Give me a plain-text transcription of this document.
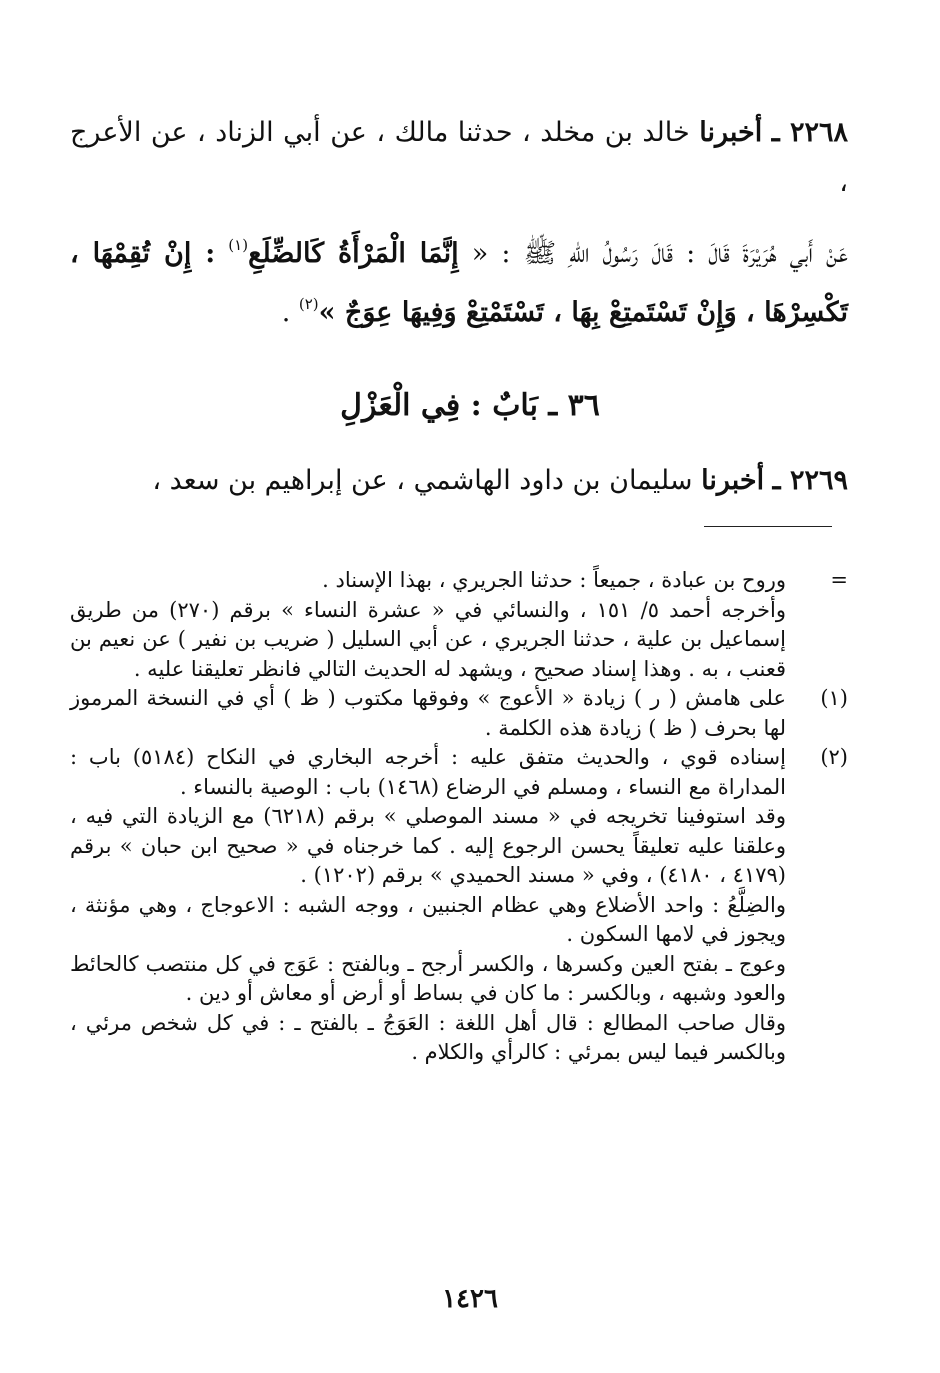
٢٢٦٨ ـ أخبرنا خالد بن مخلد ، حدثنا مالك ، عن أبي الزناد ، عن الأعرج ،

عَنْ أَبي هُرَيْرَةَ قَالَ : قَالَ رَسُولُ اللهِ ﷺ : « إِنَّمَا الْمَرْأَةُ كَالضِّلَعِ$^{(١)}$ : إِنْ تُقِمْهَا ، تَكْسِرْهَا ، وَإِنْ تَسْتَمتِعْ بِهَا ، تَسْتَمْتِعْ وَفِيهَا عِوَجٌ »$^{(٢)}$ .

٣٦ ـ بَابٌ : فِي الْعَزْلِ

٢٢٦٩ ـ أخبرنا سليمان بن داود الهاشمي ، عن إبراهيم بن سعد ،

=

وروح بن عبادة ، جميعاً : حدثنا الجريري ، بهذا الإسناد .

وأخرجه أحمد ٥/ ١٥١ ، والنسائي في « عشرة النساء » برقم (٢٧٠) من طريق إسماعيل بن علية ، حدثنا الجريري ، عن أبي السليل ( ضريب بن نفير ) عن نعيم بن قعنب ، به . وهذا إسناد صحيح ، ويشهد له الحديث التالي فانظر تعليقنا عليه .

(١)

على هامش ( ر ) زيادة « الأعوج » وفوقها مكتوب ( ظ ) أي في النسخة المرموز لها بحرف ( ظ ) زيادة هذه الكلمة .

(٢)

إسناده قوي ، والحديث متفق عليه : أخرجه البخاري في النكاح (٥١٨٤) باب : المداراة مع النساء ، ومسلم في الرضاع (١٤٦٨) باب : الوصية بالنساء .

وقد استوفينا تخريجه في « مسند الموصلي » برقم (٦٢١٨) مع الزيادة التي فيه ، وعلقنا عليه تعليقاً يحسن الرجوع إليه . كما خرجناه في « صحيح ابن حبان » برقم (٤١٧٩ ، ٤١٨٠) ، وفي « مسند الحميدي » برقم (١٢٠٢) .

والضِلَّعُ : واحد الأضلاع وهي عظام الجنبين ، ووجه الشبه : الاعوجاج ، وهي مؤنثة ، ويجوز في لامها السكون .

وعوج ـ بفتح العين وكسرها ، والكسر أرجح ـ وبالفتح : عَوَج في كل منتصب كالحائط والعود وشبهه ، وبالكسر : ما كان في بساط أو أرض أو معاش أو دين .

وقال صاحب المطالع : قال أهل اللغة : العَوَجُ ـ بالفتح ـ : في كل شخص مرئي ، وبالكسر فيما ليس بمرئي : كالرأي والكلام .

١٤٢٦
